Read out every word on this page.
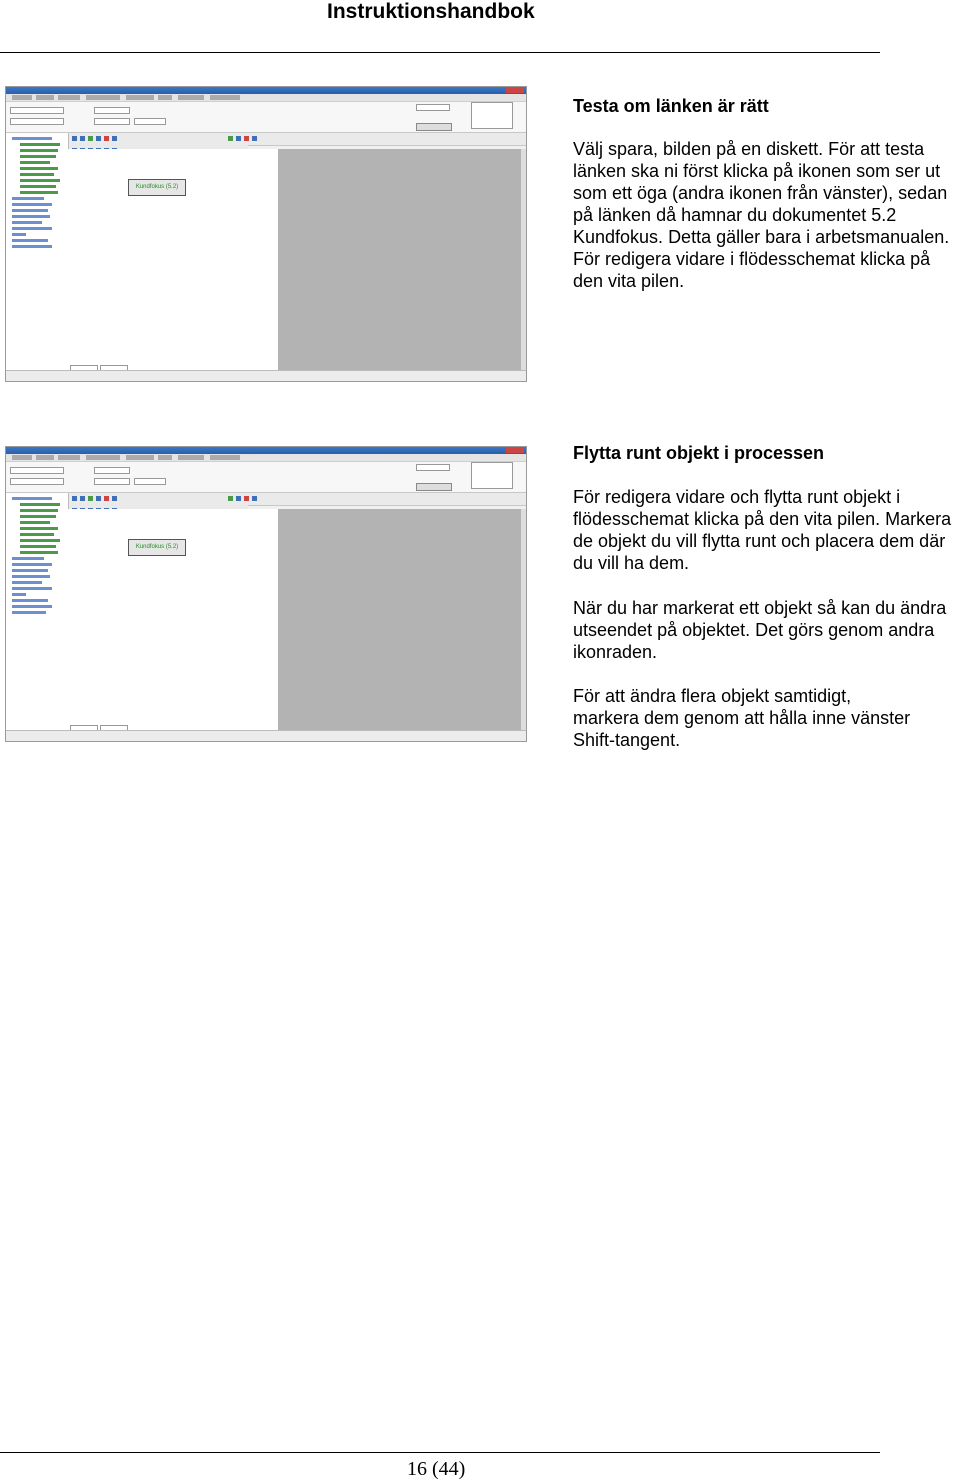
Instruktionshandbok
Kundfokus (5.2)
Testa om länken är rätt
Välj spara, bilden på en diskett. För att testa länken ska ni först klicka på ikonen som ser ut som ett öga (andra ikonen från vänster), sedan på länken då hamnar du dokumentet 5.2 Kundfokus. Detta gäller bara i arbetsmanualen. För redigera vidare i flödesschemat klicka på den vita pilen.
Kundfokus (5.2)
Flytta runt objekt i processen
För redigera vidare och flytta runt objekt i flödesschemat klicka på den vita pilen. Markera de objekt du vill flytta runt och placera dem där du vill ha dem.
När du har markerat ett objekt så kan du ändra utseendet på objektet. Det görs genom andra ikonraden.
För att ändra flera objekt samtidigt, markera dem genom att hålla inne vänster Shift-tangent.
16 (44)
